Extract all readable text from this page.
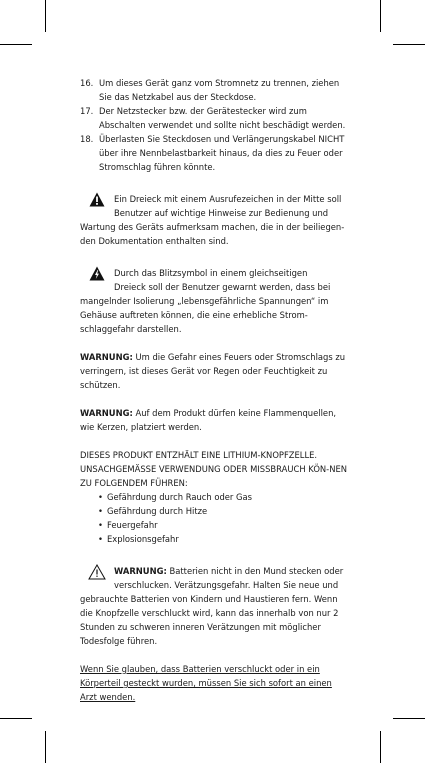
16. Um dieses Gerät ganz vom Stromnetz zu trennen, ziehen Sie das Netzkabel aus der Steckdose.
17. Der Netzstecker bzw. der Gerätestecker wird zum Abschalten verwendet und sollte nicht beschädigt werden.
18. Überlasten Sie Steckdosen und Verlängerungskabel NICHT über ihre Nennbelastbarkeit hinaus, da dies zu Feuer oder Stromschlag führen könnte.
Ein Dreieck mit einem Ausrufezeichen in der Mitte soll
Benutzer auf wichtige Hinweise zur Bedienung und
Wartung des Geräts aufmerksam machen, die in der beiliegen-den Dokumentation enthalten sind.
Durch das Blitzsymbol in einem gleichseitigen
Dreieck soll der Benutzer gewarnt werden, dass bei
mangelnder Isolierung „lebensgefährliche Spannungen“ im Gehäuse auftreten können, die eine erhebliche Strom-schlaggefahr darstellen.
WARNUNG: Um die Gefahr eines Feuers oder Stromschlags zu verringern, ist dieses Gerät vor Regen oder Feuchtigkeit zu schützen.
WARNUNG: Auf dem Produkt dürfen keine Flammenquellen, wie Kerzen, platziert werden.
DIESES PRODUKT ENTZHÄLT EINE LITHIUM-KNOPFZELLE. UNSACHGEMÄSSE VERWENDUNG ODER MISSBRAUCH KÖN-NEN ZU FOLGENDEM FÜHREN:
• Gefährdung durch Rauch oder Gas
• Gefährdung durch Hitze
• Feuergefahr
• Explosionsgefahr
WARNUNG: Batterien nicht in den Mund stecken oder
verschlucken. Verätzungsgefahr. Halten Sie neue und
gebrauchte Batterien von Kindern und Haustieren fern. Wenn die Knopfzelle verschluckt wird, kann das innerhalb von nur 2 Stunden zu schweren inneren Verätzungen mit möglicher Todesfolge führen.
Wenn Sie glauben, dass Batterien verschluckt oder in ein Körperteil gesteckt wurden, müssen Sie sich sofort an einen Arzt wenden.
